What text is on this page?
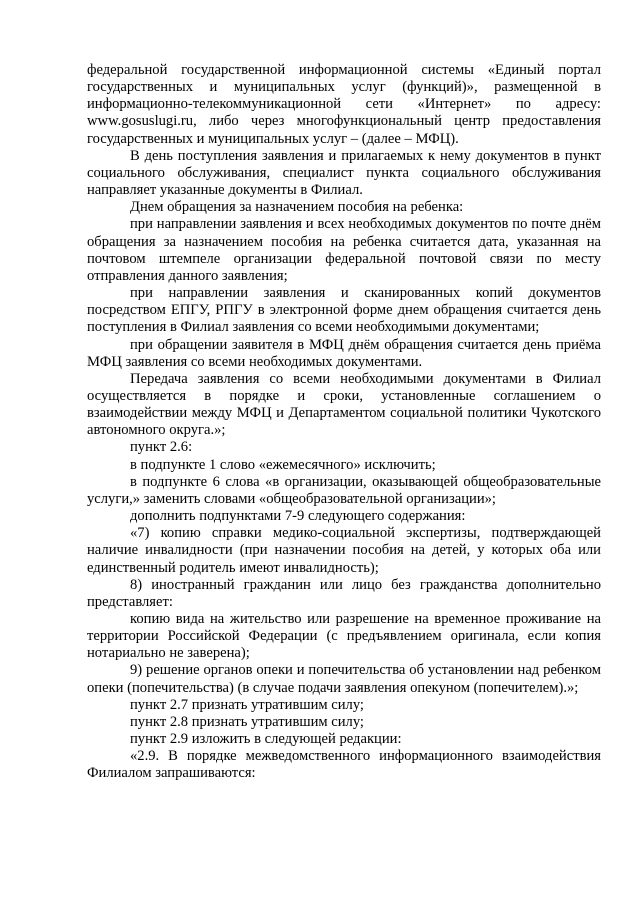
федеральной государственной информационной системы «Единый портал государственных и муниципальных услуг (функций)», размещенной в информационно-телекоммуникационной сети «Интернет» по адресу: www.gosuslugi.ru, либо через многофункциональный центр предоставления государственных и муниципальных услуг – (далее – МФЦ).

В день поступления заявления и прилагаемых к нему документов в пункт социального обслуживания, специалист пункта социального обслуживания направляет указанные документы в Филиал.

Днем обращения за назначением пособия на ребенка:

при направлении заявления и всех необходимых документов по почте днём обращения за назначением пособия на ребенка считается дата, указанная на почтовом штемпеле организации федеральной почтовой связи по месту отправления данного заявления;

при направлении заявления и сканированных копий документов посредством ЕПГУ, РПГУ в электронной форме днем обращения считается день поступления в Филиал заявления со всеми необходимыми документами;

при обращении заявителя в МФЦ днём обращения считается день приёма МФЦ заявления со всеми необходимых документами.

Передача заявления со всеми необходимыми документами в Филиал осуществляется в порядке и сроки, установленные соглашением о взаимодействии между МФЦ и Департаментом социальной политики Чукотского автономного округа.»;

пункт 2.6:

в подпункте 1 слово «ежемесячного» исключить;

в подпункте 6 слова «в организации, оказывающей общеобразовательные услуги,» заменить словами «общеобразовательной организации»;

дополнить подпунктами 7-9 следующего содержания:

«7) копию справки медико-социальной экспертизы, подтверждающей наличие инвалидности (при назначении пособия на детей, у которых оба или единственный родитель имеют инвалидность);

8) иностранный гражданин или лицо без гражданства дополнительно представляет:

копию вида на жительство или разрешение на временное проживание на территории Российской Федерации (с предъявлением оригинала, если копия нотариально не заверена);

9) решение органов опеки и попечительства об установлении над ребенком опеки (попечительства) (в случае подачи заявления опекуном (попечителем).»;

пункт 2.7 признать утратившим силу;

пункт 2.8 признать утратившим силу;

пункт 2.9 изложить в следующей редакции:

«2.9. В порядке межведомственного информационного взаимодействия Филиалом запрашиваются:
